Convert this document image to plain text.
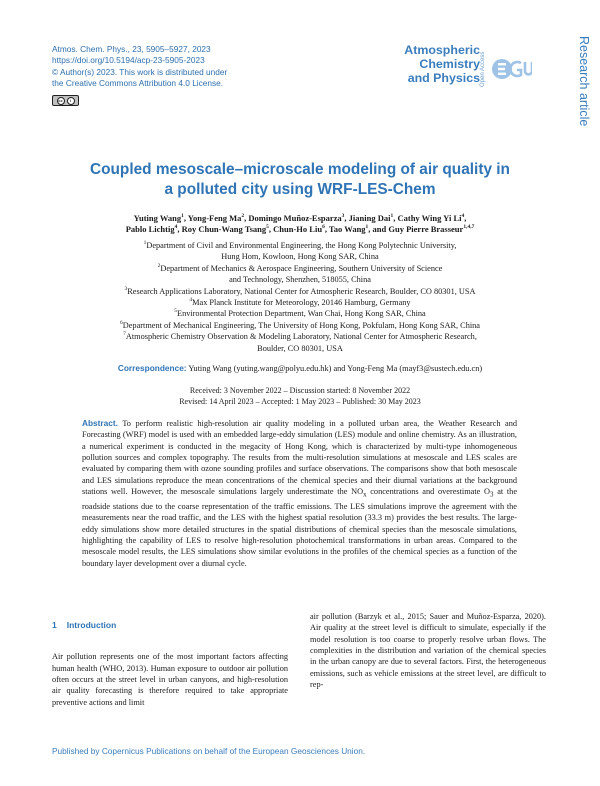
Atmos. Chem. Phys., 23, 5905–5927, 2023
https://doi.org/10.5194/acp-23-5905-2023
© Author(s) 2023. This work is distributed under
the Creative Commons Attribution 4.0 License.
cc	i
Atmospheric
Chemistry
and Physics Open Access	Research article
Coupled mesoscale–microscale modeling of air quality in
a polluted city using WRF-LES-Chem
Yuting Wang$^1$, Yong-Feng Ma$^2$, Domingo Muñoz-Esparza$^3$, Jianing Dai$^1$, Cathy Wing Yi Li$^4$,
Pablo Lichtig$^4$, Roy Chun-Wang Tsang$^5$, Chun-Ho Liu$^6$, Tao Wang$^1$, and Guy Pierre Brasseur$^{1,4,7}$
$^1$Department of Civil and Environmental Engineering, the Hong Kong Polytechnic University,
Hung Hom, Kowloon, Hong Kong SAR, China
$^2$Department of Mechanics & Aerospace Engineering, Southern University of Science
and Technology, Shenzhen, 518055, China
$^3$Research Applications Laboratory, National Center for Atmospheric Research, Boulder, CO 80301, USA
$^4$Max Planck Institute for Meteorology, 20146 Hamburg, Germany
$^5$Environmental Protection Department, Wan Chai, Hong Kong SAR, China
$^6$Department of Mechanical Engineering, The University of Hong Kong, Pokfulam, Hong Kong SAR, China
$^7$Atmospheric Chemistry Observation & Modeling Laboratory, National Center for Atmospheric Research,
Boulder, CO 80301, USA
Correspondence: Yuting Wang (yuting.wang@polyu.edu.hk) and Yong-Feng Ma (mayf3@sustech.edu.cn)
Received: 3 November 2022 – Discussion started: 8 November 2022
Revised: 14 April 2023 – Accepted: 1 May 2023 – Published: 30 May 2023
Abstract. To perform realistic high-resolution air quality modeling in a polluted urban area, the Weather Research and Forecasting (WRF) model is used with an embedded large-eddy simulation (LES) module and online chemistry. As an illustration, a numerical experiment is conducted in the megacity of Hong Kong, which is characterized by multi-type inhomogeneous pollution sources and complex topography. The results from the multi-resolution simulations at mesoscale and LES scales are evaluated by comparing them with ozone sounding profiles and surface observations. The comparisons show that both mesoscale and LES simulations reproduce the mean concentrations of the chemical species and their diurnal variations at the background stations well. However, the mesoscale simulations largely underestimate the $NO_x$ concentrations and overestimate $O_3$ at the roadside stations due to the coarse representation of the traffic emissions. The LES simulations improve the agreement with the measurements near the road traffic, and the LES with the highest spatial resolution (33.3 m) provides the best results. The large-eddy simulations show more detailed structures in the spatial distributions of chemical species than the mesoscale simulations, highlighting the capability of LES to resolve high-resolution photochemical transformations in urban areas. Compared to the mesoscale model results, the LES simulations show similar evolutions in the profiles of the chemical species as a function of the boundary layer development over a diurnal cycle.
1 Introduction
Air pollution represents one of the most important factors affecting human health (WHO, 2013). Human exposure to outdoor air pollution often occurs at the street level in urban canyons, and high-resolution air quality forecasting is therefore required to take appropriate preventive actions and limit
air pollution (Barzyk et al., 2015; Sauer and Muñoz-Esparza, 2020). Air quality at the street level is difficult to simulate, especially if the model resolution is too coarse to properly resolve urban flows. The complexities in the distribution and variation of the chemical species in the urban canopy are due to several factors. First, the heterogeneous emissions, such as vehicle emissions at the street level, are difficult to rep-
Published by Copernicus Publications on behalf of the European Geosciences Union.
